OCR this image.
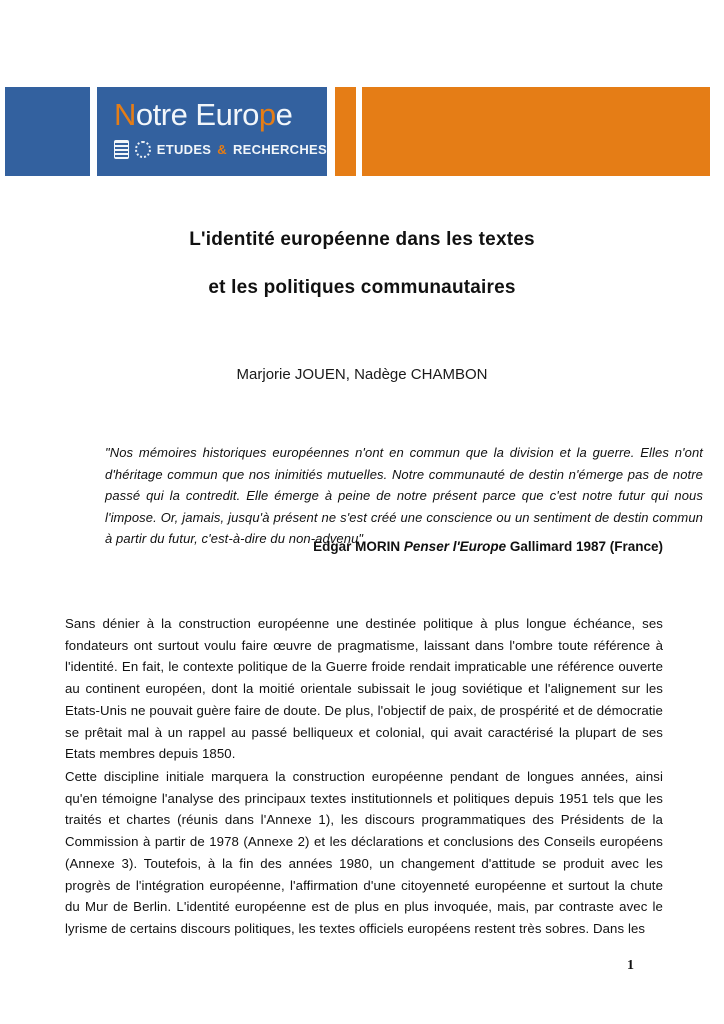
Notre Europe
ETUDES & RECHERCHES
L'identité européenne dans les textes
et les politiques communautaires
Marjorie JOUEN, Nadège CHAMBON
"Nos mémoires historiques européennes n'ont en commun que la division et la guerre. Elles n'ont d'héritage commun que nos inimitiés mutuelles. Notre communauté de destin n'émerge pas de notre passé qui la contredit. Elle émerge à peine de notre présent parce que c'est notre futur qui nous l'impose. Or, jamais, jusqu'à présent ne s'est créé une conscience ou un sentiment de destin commun à partir du futur, c'est-à-dire du non-advenu".
Edgar MORIN Penser l'Europe Gallimard 1987 (France)

Sans dénier à la construction européenne une destinée politique à plus longue échéance, ses fondateurs ont surtout voulu faire œuvre de pragmatisme, laissant dans l'ombre toute référence à l'identité. En fait, le contexte politique de la Guerre froide rendait impraticable une référence ouverte au continent européen, dont la moitié orientale subissait le joug soviétique et l'alignement sur les Etats-Unis ne pouvait guère faire de doute. De plus, l'objectif de paix, de prospérité et de démocratie se prêtait mal à un rappel au passé belliqueux et colonial, qui avait caractérisé la plupart de ses Etats membres depuis 1850.

Cette discipline initiale marquera la construction européenne pendant de longues années, ainsi qu'en témoigne l'analyse des principaux textes institutionnels et politiques depuis 1951 tels que les traités et chartes (réunis dans l'Annexe 1), les discours programmatiques des Présidents de la Commission à partir de 1978 (Annexe 2) et les déclarations et conclusions des Conseils européens (Annexe 3). Toutefois, à la fin des années 1980, un changement d'attitude se produit avec les progrès de l'intégration européenne, l'affirmation d'une citoyenneté européenne et surtout la chute du Mur de Berlin. L'identité européenne est de plus en plus invoquée, mais, par contraste avec le lyrisme de certains discours politiques, les textes officiels européens restent très sobres. Dans les

1
